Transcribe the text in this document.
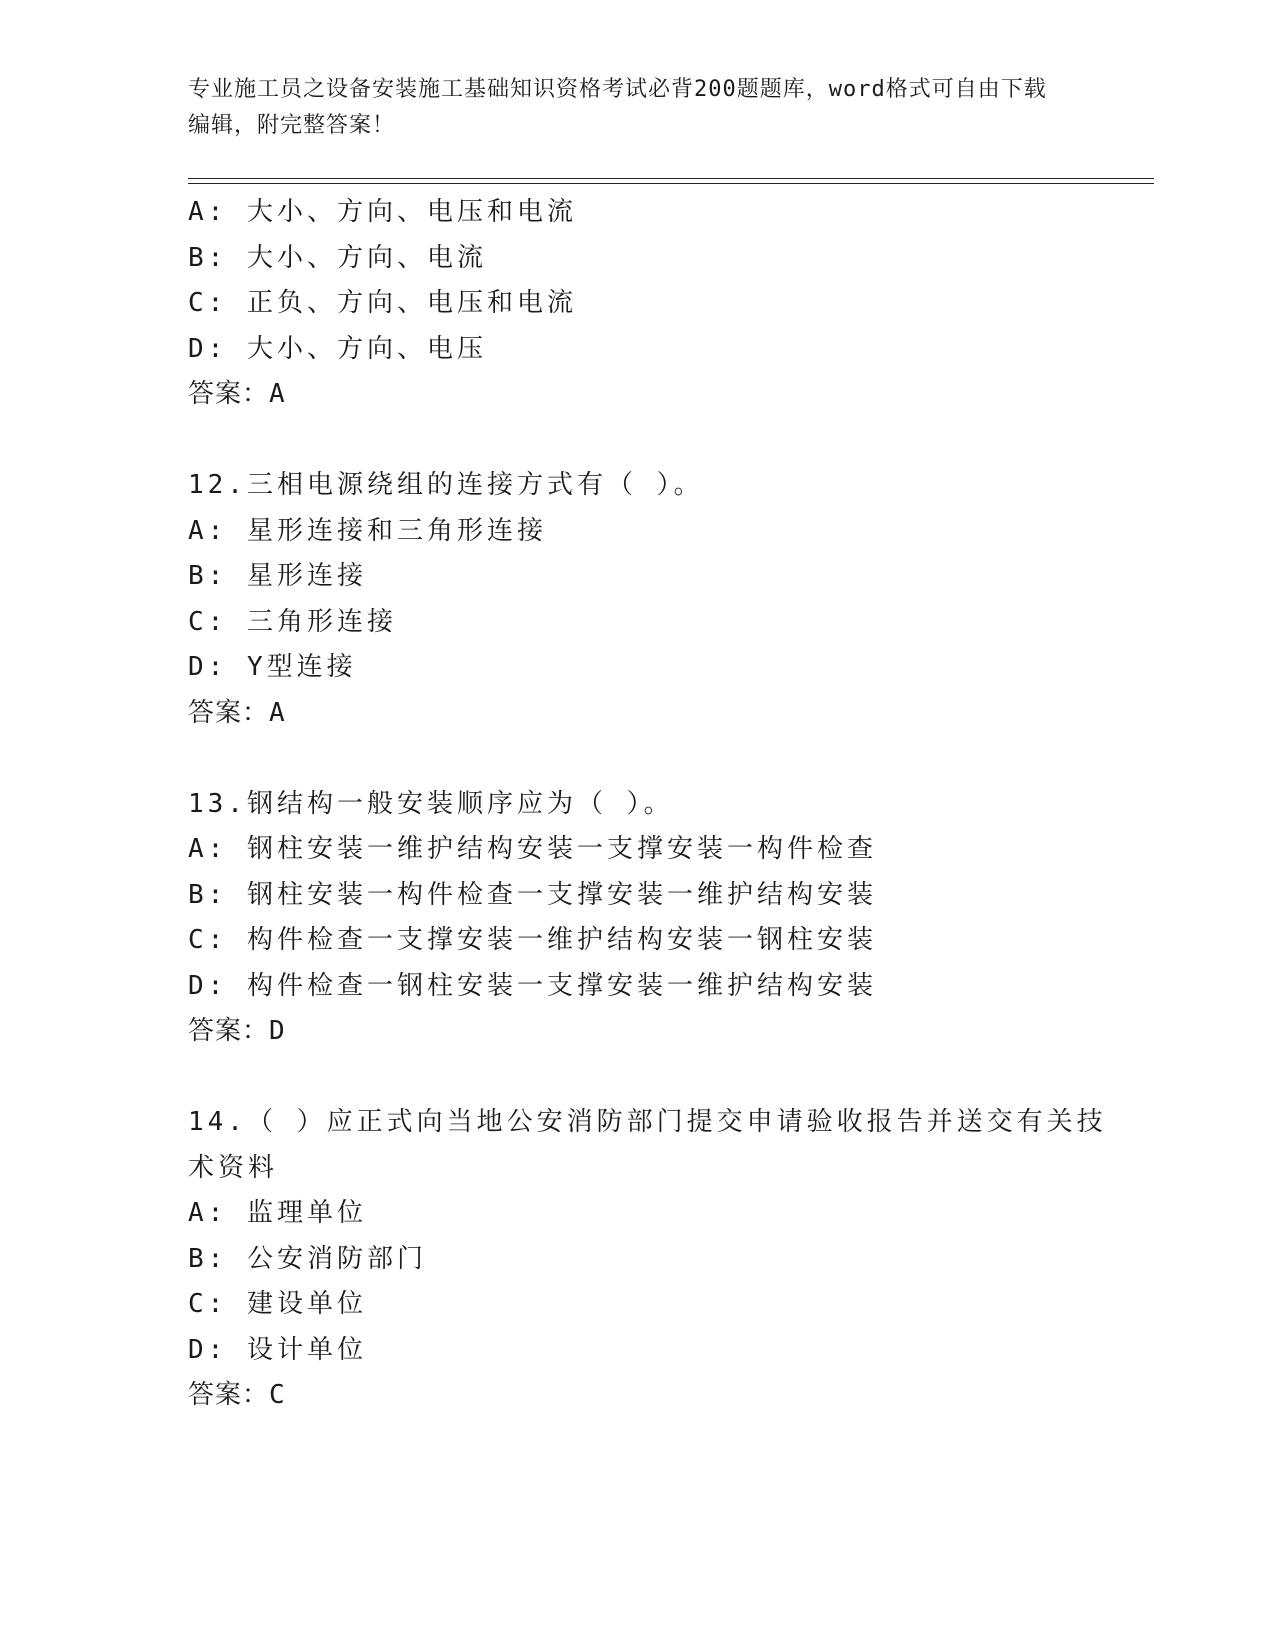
专业施工员之设备安装施工基础知识资格考试必背200题题库，word格式可自由下载编辑，附完整答案！
A: 大小、方向、电压和电流
B: 大小、方向、电流
C: 正负、方向、电压和电流
D: 大小、方向、电压
答案：A
12.三相电源绕组的连接方式有（ ）。
A: 星形连接和三角形连接
B: 星形连接
C: 三角形连接
D: Y型连接
答案：A
13.钢结构一般安装顺序应为（ ）。
A: 钢柱安装一维护结构安装一支撑安装一构件检查
B: 钢柱安装一构件检查一支撑安装一维护结构安装
C: 构件检查一支撑安装一维护结构安装一钢柱安装
D: 构件检查一钢柱安装一支撑安装一维护结构安装
答案：D
14.（ ）应正式向当地公安消防部门提交申请验收报告并送交有关技
术资料
A: 监理单位
B: 公安消防部门
C: 建设单位
D: 设计单位
答案：C
